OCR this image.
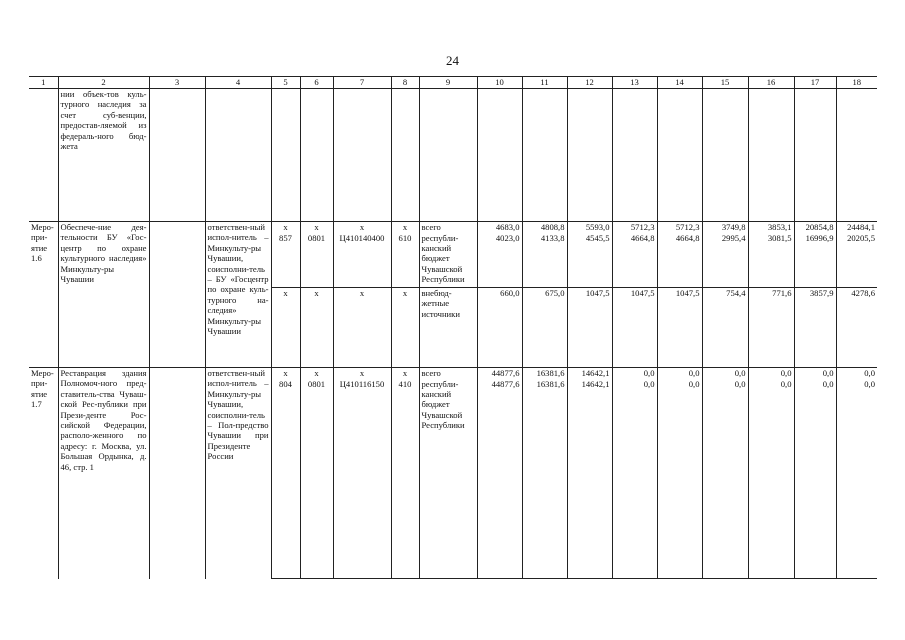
24
1	2	3	4	5	6	7	8	9	10	11	12	13	14	15	16	17	18
	нии объек-тов куль-турного наследия за счет суб-венции, предостав-ляемой из федераль-ного бюд-жета																
Меро-при-ятие 1.6	Обеспече-ние дея-тельности БУ «Гос-центр по охране культурного наследия» Минкульту-ры Чувашии		ответствен-ный испол-нитель – Минкульту-ры Чувашии, соисполни-тель – БУ «Госцентр по охране куль-турного на-следия» Минкульту-ры Чувашии	x	x	x	x	всего	4683,0	4808,8	5593,0	5712,3	5712,3	3749,8	3853,1	20854,8	24484,1
				857	0801	Ц410140400	610	республи-канский бюджет Чувашской Республики	4023,0	4133,8	4545,5	4664,8	4664,8	2995,4	3081,5	16996,9	20205,5
				x	x	x	x	внебюд-жетные источники	660,0	675,0	1047,5	1047,5	1047,5	754,4	771,6	3857,9	4278,6
Меро-при-ятие 1.7	Реставрация здания Полномоч-ного пред-ставитель-ства Чуваш-ской Рес-публики при Прези-денте Рос-сийской Федерации, располо-женного по адресу: г. Москва, ул. Большая Ордынка, д. 46, стр. 1		ответствен-ный испол-нитель – Минкульту-ры Чувашии, соисполни-тель – Пол-предство Чувашии при Президенте России	x	x	x	x	всего	44877,6	16381,6	14642,1	0,0	0,0	0,0	0,0	0,0	0,0
				804	0801	Ц410116150	410	республи-канский бюджет Чувашской Республики	44877,6	16381,6	14642,1	0,0	0,0	0,0	0,0	0,0	0,0
